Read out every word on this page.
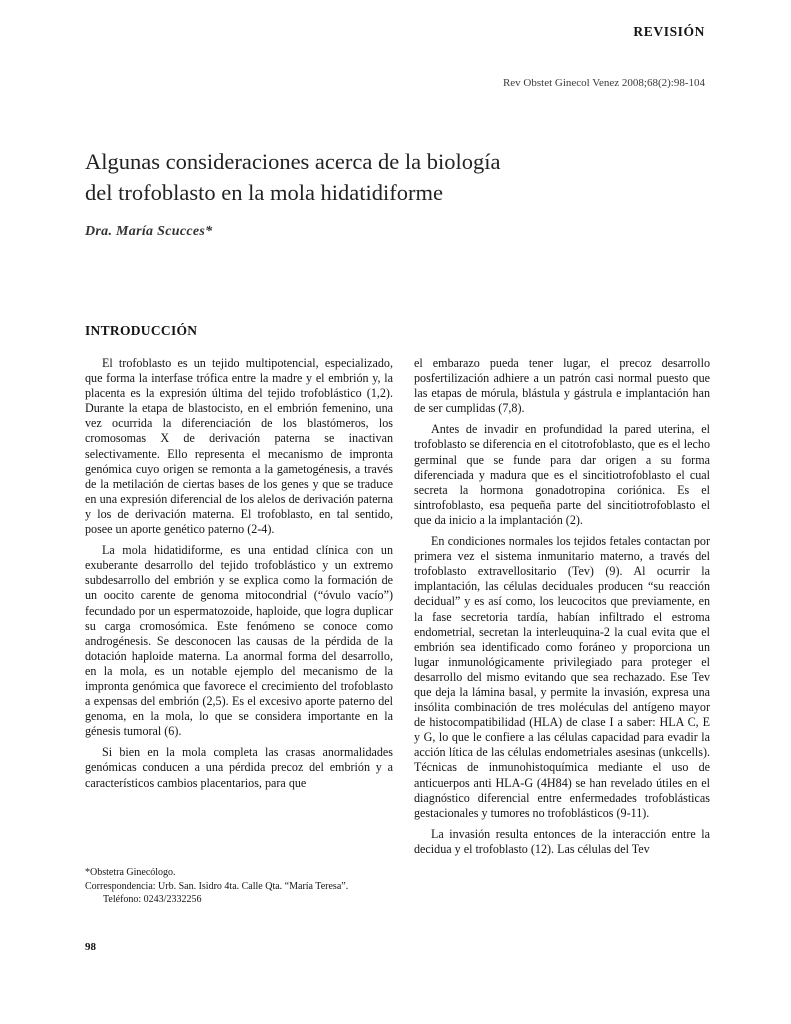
REVISIÓN
Rev Obstet Ginecol Venez 2008;68(2):98-104
Algunas consideraciones acerca de la biología
del trofoblasto en la mola hidatidiforme
Dra. María Scucces*
INTRODUCCIÓN

El trofoblasto es un tejido multipotencial, especializado, que forma la interfase trófica entre la madre y el embrión y, la placenta es la expresión última del tejido trofoblástico (1,2). Durante la etapa de blastocisto, en el embrión femenino, una vez ocurrida la diferenciación de los blastómeros, los cromosomas X de derivación paterna se inactivan selectivamente. Ello representa el mecanismo de impronta genómica cuyo origen se remonta a la gametogénesis, a través de la metilación de ciertas bases de los genes y que se traduce en una expresión diferencial de los alelos de derivación paterna y los de derivación materna. El trofoblasto, en tal sentido, posee un aporte genético paterno (2-4).

La mola hidatidiforme, es una entidad clínica con un exuberante desarrollo del tejido trofoblástico y un extremo subdesarrollo del embrión y se explica como la formación de un oocito carente de genoma mitocondrial (“óvulo vacío”) fecundado por un espermatozoide, haploide, que logra duplicar su carga cromosómica. Este fenómeno se conoce como androgénesis. Se desconocen las causas de la pérdida de la dotación haploide materna. La anormal forma del desarrollo, en la mola, es un notable ejemplo del mecanismo de la impronta genómica que favorece el crecimiento del trofoblasto a expensas del embrión (2,5). Es el excesivo aporte paterno del genoma, en la mola, lo que se considera importante en la génesis tumoral (6).

Si bien en la mola completa las crasas anormalidades genómicas conducen a una pérdida precoz del embrión y a característicos cambios placentarios, para que

el embarazo pueda tener lugar, el precoz desarrollo posfertilización adhiere a un patrón casi normal puesto que las etapas de mórula, blástula y gástrula e implantación han de ser cumplidas (7,8).

Antes de invadir en profundidad la pared uterina, el trofoblasto se diferencia en el citotrofoblasto, que es el lecho germinal que se funde para dar origen a su forma diferenciada y madura que es el sincitiotrofoblasto el cual secreta la hormona gonadotropina coriónica. Es el sintrofoblasto, esa pequeña parte del sincitiotrofoblasto el que da inicio a la implantación (2).

En condiciones normales los tejidos fetales contactan por primera vez el sistema inmunitario materno, a través del trofoblasto extravellositario (Tev) (9). Al ocurrir la implantación, las células deciduales producen “su reacción decidual” y es así como, los leucocitos que previamente, en la fase secretoria tardía, habían infiltrado el estroma endometrial, secretan la interleuquina-2 la cual evita que el embrión sea identificado como foráneo y proporciona un lugar inmunológicamente privilegiado para proteger el desarrollo del mismo evitando que sea rechazado. Ese Tev que deja la lámina basal, y permite la invasión, expresa una insólita combinación de tres moléculas del antígeno mayor de histocompatibilidad (HLA) de clase I a saber: HLA C, E y G, lo que le confiere a las células capacidad para evadir la acción lítica de las células endometriales asesinas (unkcells). Técnicas de inmunohistoquímica mediante el uso de anticuerpos anti HLA-G (4H84) se han revelado útiles en el diagnóstico diferencial entre enfermedades trofoblásticas gestacionales y tumores no trofoblásticos (9-11).

La invasión resulta entonces de la interacción entre la decidua y el trofoblasto (12). Las células del Tev

*Obstetra Ginecólogo.
Correspondencia: Urb. San. Isidro 4ta. Calle Qta. “María Teresa”.
Teléfono: 0243/2332256
98
